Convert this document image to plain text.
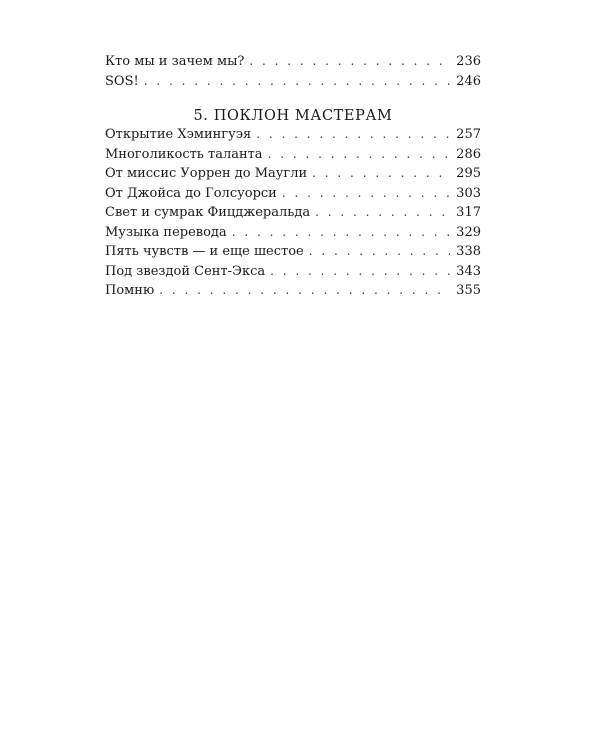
Кто мы и зачем мы? . . .	236
SOS! . . .	246
5. ПОКЛОН МАСТЕРАМ
Открытие Хэмингуэя . . .	257
Многоликость таланта . . .	286
От миссис Уоррен до Маугли . . .	295
От Джойса до Голсуорси . . .	303
Свет и сумрак Фицджеральда . . .	317
Музыка перевода . . .	329
Пять чувств — и еще шестое . . .	338
Под звездой Сент-Экса . . .	343
Помню . . .	355
